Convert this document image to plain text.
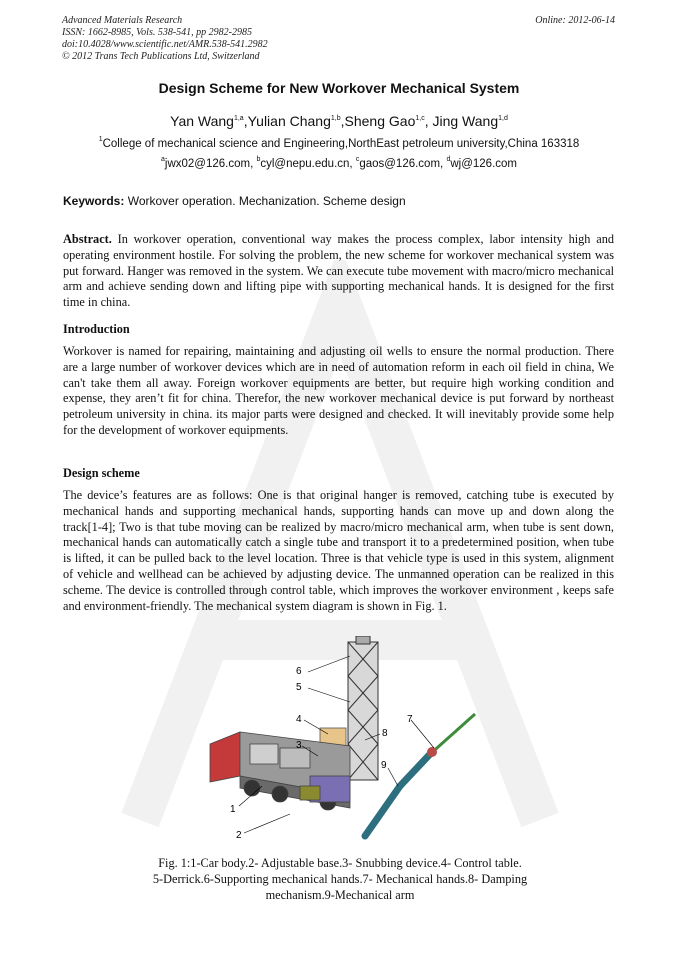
Advanced Materials Research
ISSN: 1662-8985, Vols. 538-541, pp 2982-2985
doi:10.4028/www.scientific.net/AMR.538-541.2982
© 2012 Trans Tech Publications Ltd, Switzerland
Online: 2012-06-14
Design Scheme for New Workover Mechanical System
Yan Wang$^{1,a}$,Yulian Chang$^{1,b}$,Sheng Gao$^{1,c}$, Jing Wang$^{1,d}$
$^1$College of mechanical science and Engineering,NorthEast petroleum university,China 163318
$^a$jwx02@126.com, $^b$cyl@nepu.edu.cn, $^c$gaos@126.com, $^d$wj@126.com
Keywords: Workover operation. Mechanization. Scheme design
Abstract. In workover operation, conventional way makes the process complex, labor intensity high and operating environment hostile. For solving the problem, the new scheme for workover mechanical system was put forward. Hanger was removed in the system. We can execute tube movement with macro/micro mechanical arm and achieve sending down and lifting pipe with supporting mechanical hands. It is designed for the first time in china.
Introduction
Workover is named for repairing, maintaining and adjusting oil wells to ensure the normal production. There are a large number of workover devices which are in need of automation reform in each oil field in china, We can't take them all away. Foreign workover equipments are better, but require high working condition and expense, they aren’t fit for china. Therefor, the new workover mechanical device is put forward by northeast petroleum university in china. its major parts were designed and checked. It will inevitably provide some help for the development of workover equipments.
Design scheme
The device’s features are as follows: One is that original hanger is removed, catching tube is executed by mechanical hands and supporting mechanical hands, supporting hands can move up and down along the track[1-4]; Two is that tube moving can be realized by macro/micro mechanical arm, when tube is sent down, mechanical hands can automatically catch a single tube and transport it to a predetermined position, when tube is lifted, it can be pulled back to the level location. Three is that vehicle type is used in this system, alignment of vehicle and wellhead can be achieved by adjusting device. The unmanned operation can be realized in this scheme. The device is controlled through control table, which improves the workover environment , keeps safe and environment-friendly. The mechanical system diagram is shown in Fig. 1.
6
5
4
3
7
8
9
1
2
Fig. 1:1-Car body.2- Adjustable base.3- Snubbing device.4- Control table.
5-Derrick.6-Supporting mechanical hands.7- Mechanical hands.8- Damping
mechanism.9-Mechanical arm
